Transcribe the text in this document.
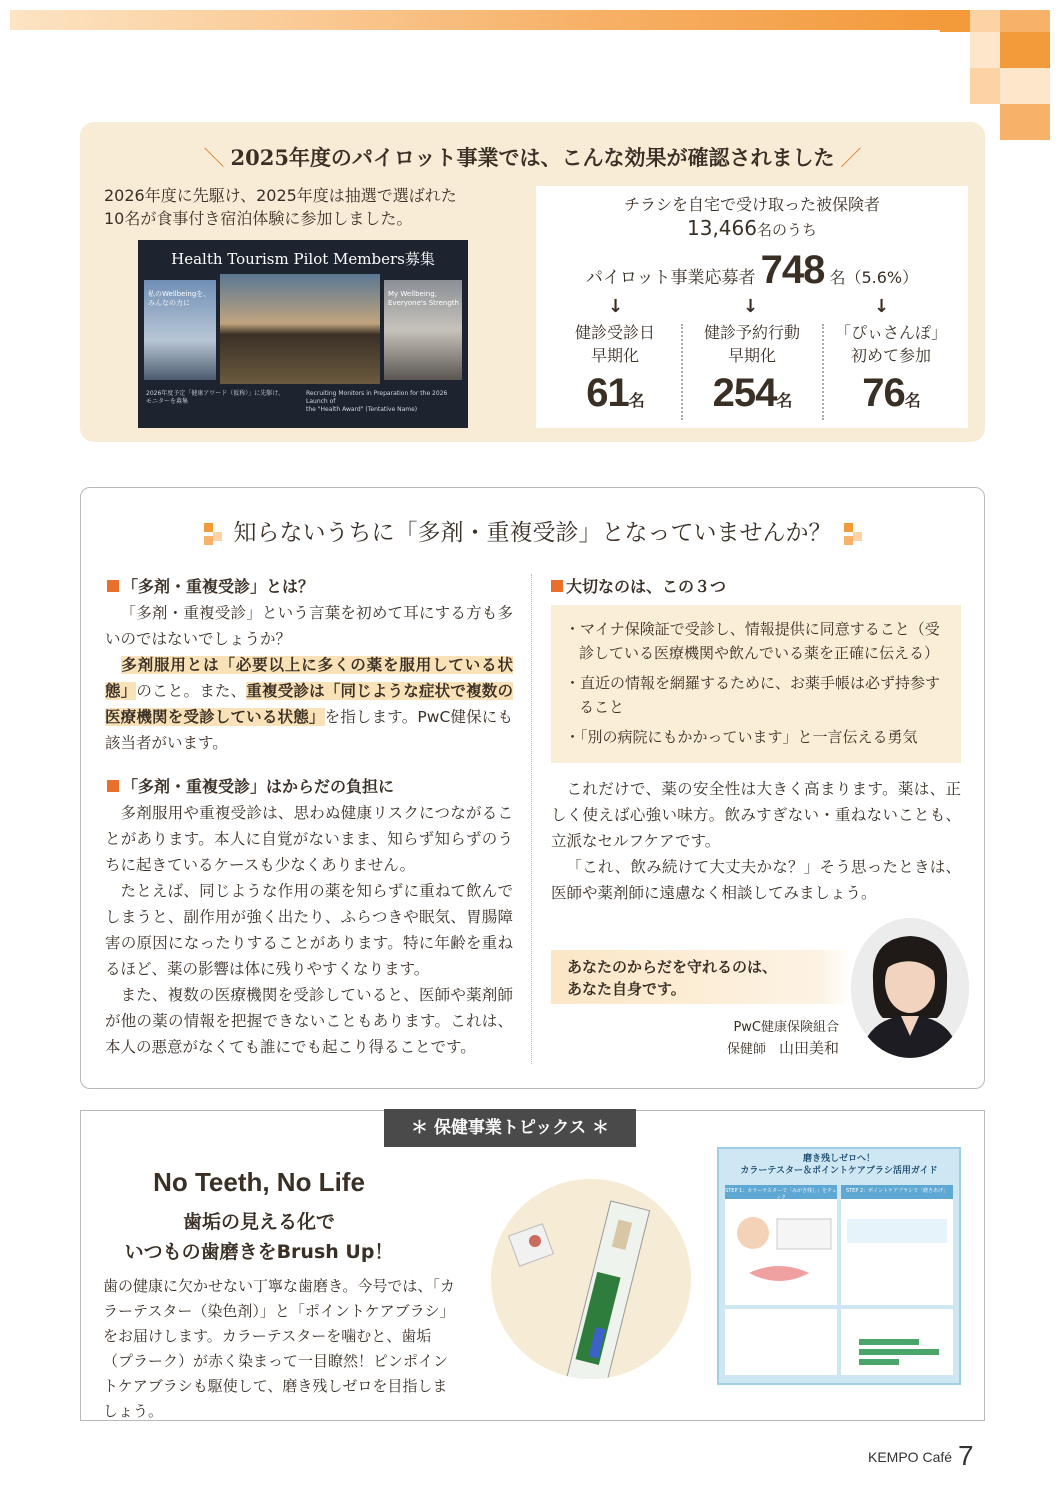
＼ 2025年度のパイロット事業では、こんな効果が確認されました ／
2026年度に先駆け、2025年度は抽選で選ばれた
10名が食事付き宿泊体験に参加しました。
Health Tourism Pilot Members募集
私のWellbeingを、
みんなの力に
My Wellbeing,
Everyone's Strength
2026年度予定「健康アワード（仮称）」に先駆け、
モニターを募集
Recruiting Monitors in Preparation for the 2026 Launch of
the "Health Award" (Tentative Name)
チラシを自宅で受け取った被保険者
13,466名のうち
パイロット事業応募者 748 名（5.6%）
↓	↓	↓
健診受診日
早期化
61名
健診予約行動
早期化
254名
「ぴぃさんぽ」
初めて参加
76名
知らないうちに「多剤・重複受診」となっていませんか？
「多剤・重複受診」とは？
「多剤・重複受診」という言葉を初めて耳にする方も多いのではないでしょうか？
多剤服用とは「必要以上に多くの薬を服用している状態」のこと。また、重複受診は「同じような症状で複数の医療機関を受診している状態」を指します。PwC健保にも該当者がいます。
「多剤・重複受診」はからだの負担に
多剤服用や重複受診は、思わぬ健康リスクにつながることがあります。本人に自覚がないまま、知らず知らずのうちに起きているケースも少なくありません。
たとえば、同じような作用の薬を知らずに重ねて飲んでしまうと、副作用が強く出たり、ふらつきや眠気、胃腸障害の原因になったりすることがあります。特に年齢を重ねるほど、薬の影響は体に残りやすくなります。
また、複数の医療機関を受診していると、医師や薬剤師が他の薬の情報を把握できないこともあります。これは、本人の悪意がなくても誰にでも起こり得ることです。
大切なのは、この３つ
・マイナ保険証で受診し、情報提供に同意すること（受診している医療機関や飲んでいる薬を正確に伝える）
・直近の情報を網羅するために、お薬手帳は必ず持参すること
・「別の病院にもかかっています」と一言伝える勇気
これだけで、薬の安全性は大きく高まります。薬は、正しく使えば心強い味方。飲みすぎない・重ねないことも、立派なセルフケアです。
「これ、飲み続けて大丈夫かな？」そう思ったときは、医師や薬剤師に遠慮なく相談してみましょう。
あなたのからだを守れるのは、
あなた自身です。
PwC健康保険組合
保健師　 山田美和
＊ 保健事業トピックス ＊
No Teeth, No Life
歯垢の見える化で
いつもの歯磨きをBrush Up！
歯の健康に欠かせない丁寧な歯磨き。今号では、「カラーテスター（染色剤）」と「ポイントケアブラシ」をお届けします。カラーテスターを噛むと、歯垢（プラーク）が赤く染まって一目瞭然！ピンポイントケアブラシも駆使して、磨き残しゼロを目指しましょう。
磨き残しゼロへ！
カラーテスター＆ポイントケアブラシ活用ガイド
STEP 1：カラーテスターで「みがき残し」をチェック
STEP 2：ポイントケアブラシで「磨きあげ」
KEMPO Café 7
